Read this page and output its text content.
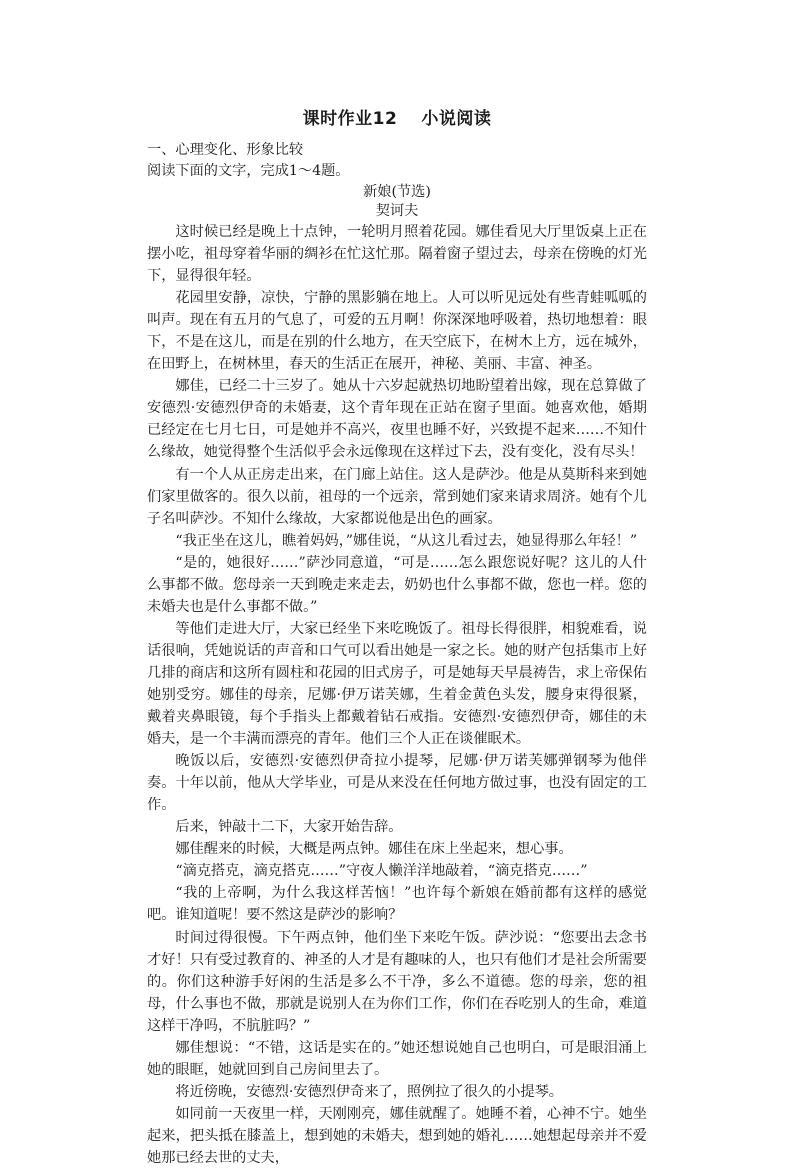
课时作业12 小说阅读
一、心理变化、形象比较
阅读下面的文字，完成1～4题。
新娘(节选)
契诃夫

这时候已经是晚上十点钟，一轮明月照着花园。娜佳看见大厅里饭桌上正在摆小吃，祖母穿着华丽的绸衫在忙这忙那。隔着窗子望过去，母亲在傍晚的灯光下，显得很年轻。

花园里安静，凉快，宁静的黑影躺在地上。人可以听见远处有些青蛙呱呱的叫声。现在有五月的气息了，可爱的五月啊！你深深地呼吸着，热切地想着：眼下，不是在这儿，而是在别的什么地方，在天空底下，在树木上方，远在城外，在田野上，在树林里，春天的生活正在展开，神秘、美丽、丰富、神圣。

娜佳，已经二十三岁了。她从十六岁起就热切地盼望着出嫁，现在总算做了安德烈·安德烈伊奇的未婚妻，这个青年现在正站在窗子里面。她喜欢他，婚期已经定在七月七日，可是她并不高兴，夜里也睡不好，兴致提不起来……不知什么缘故，她觉得整个生活似乎会永远像现在这样过下去，没有变化，没有尽头！

有一个人从正房走出来，在门廊上站住。这人是萨沙。他是从莫斯科来到她们家里做客的。很久以前，祖母的一个远亲，常到她们家来请求周济。她有个儿子名叫萨沙。不知什么缘故，大家都说他是出色的画家。

“我正坐在这儿，瞧着妈妈，”娜佳说，“从这儿看过去，她显得那么年轻！”

“是的，她很好……”萨沙同意道，“可是……怎么跟您说好呢？这儿的人什么事都不做。您母亲一天到晚走来走去，奶奶也什么事都不做，您也一样。您的未婚夫也是什么事都不做。”

等他们走进大厅，大家已经坐下来吃晚饭了。祖母长得很胖，相貌难看，说话很响，凭她说话的声音和口气可以看出她是一家之长。她的财产包括集市上好几排的商店和这所有圆柱和花园的旧式房子，可是她每天早晨祷告，求上帝保佑她别受穷。娜佳的母亲，尼娜·伊万诺芙娜，生着金黄色头发，腰身束得很紧，戴着夹鼻眼镜，每个手指头上都戴着钻石戒指。安德烈·安德烈伊奇，娜佳的未婚夫，是一个丰满而漂亮的青年。他们三个人正在谈催眠术。

晚饭以后，安德烈·安德烈伊奇拉小提琴，尼娜·伊万诺芙娜弹钢琴为他伴奏。十年以前，他从大学毕业，可是从来没在任何地方做过事，也没有固定的工作。

后来，钟敲十二下，大家开始告辞。

娜佳醒来的时候，大概是两点钟。娜佳在床上坐起来，想心事。

“滴克搭克，滴克搭克……”守夜人懒洋洋地敲着，“滴克搭克……”

“我的上帝啊，为什么我这样苦恼！”也许每个新娘在婚前都有这样的感觉吧。谁知道呢！要不然这是萨沙的影响？

时间过得很慢。下午两点钟，他们坐下来吃午饭。萨沙说：“您要出去念书才好！只有受过教育的、神圣的人才是有趣味的人，也只有他们才是社会所需要的。你们这种游手好闲的生活是多么不干净，多么不道德。您的母亲，您的祖母，什么事也不做，那就是说别人在为你们工作，你们在吞吃别人的生命，难道这样干净吗，不肮脏吗？”

娜佳想说：“不错，这话是实在的。”她还想说她自己也明白，可是眼泪涌上她的眼眶，她就回到自己房间里去了。

将近傍晚，安德烈·安德烈伊奇来了，照例拉了很久的小提琴。

如同前一天夜里一样，天刚刚亮，娜佳就醒了。她睡不着，心神不宁。她坐起来，把头抵在膝盖上，想到她的未婚夫，想到她的婚礼……她想起母亲并不爱她那已经去世的丈夫，
